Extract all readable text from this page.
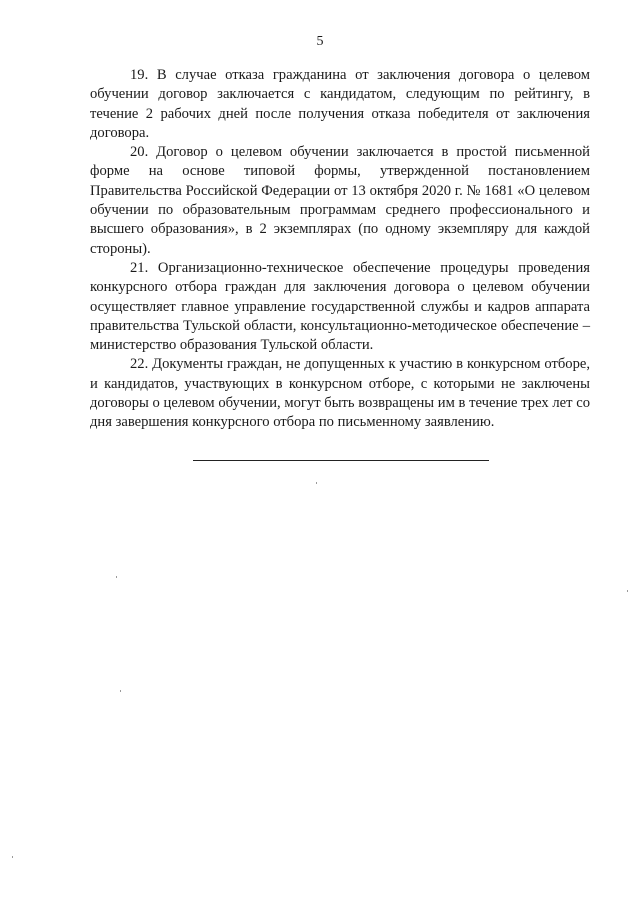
5

19. В случае отказа гражданина от заключения договора о целевом обучении договор заключается с кандидатом, следующим по рейтингу, в течение 2 рабочих дней после получения отказа победителя от заключения договора.

20. Договор о целевом обучении заключается в простой письменной форме на основе типовой формы, утвержденной постановлением Правительства Российской Федерации от 13 октября 2020 г. № 1681 «О целевом обучении по образовательным программам среднего профессионального и высшего образования», в 2 экземплярах (по одному экземпляру для каждой стороны).

21. Организационно-техническое обеспечение процедуры проведения конкурсного отбора граждан для заключения договора о целевом обучении осуществляет главное управление государственной службы и кадров аппарата правительства Тульской области, консультационно-методическое обеспечение – министерство образования Тульской области.

22. Документы граждан, не допущенных к участию в конкурсном отборе, и кандидатов, участвующих в конкурсном отборе, с которыми не заключены договоры о целевом обучении, могут быть возвращены им в течение трех лет со дня завершения конкурсного отбора по письменному заявлению.
